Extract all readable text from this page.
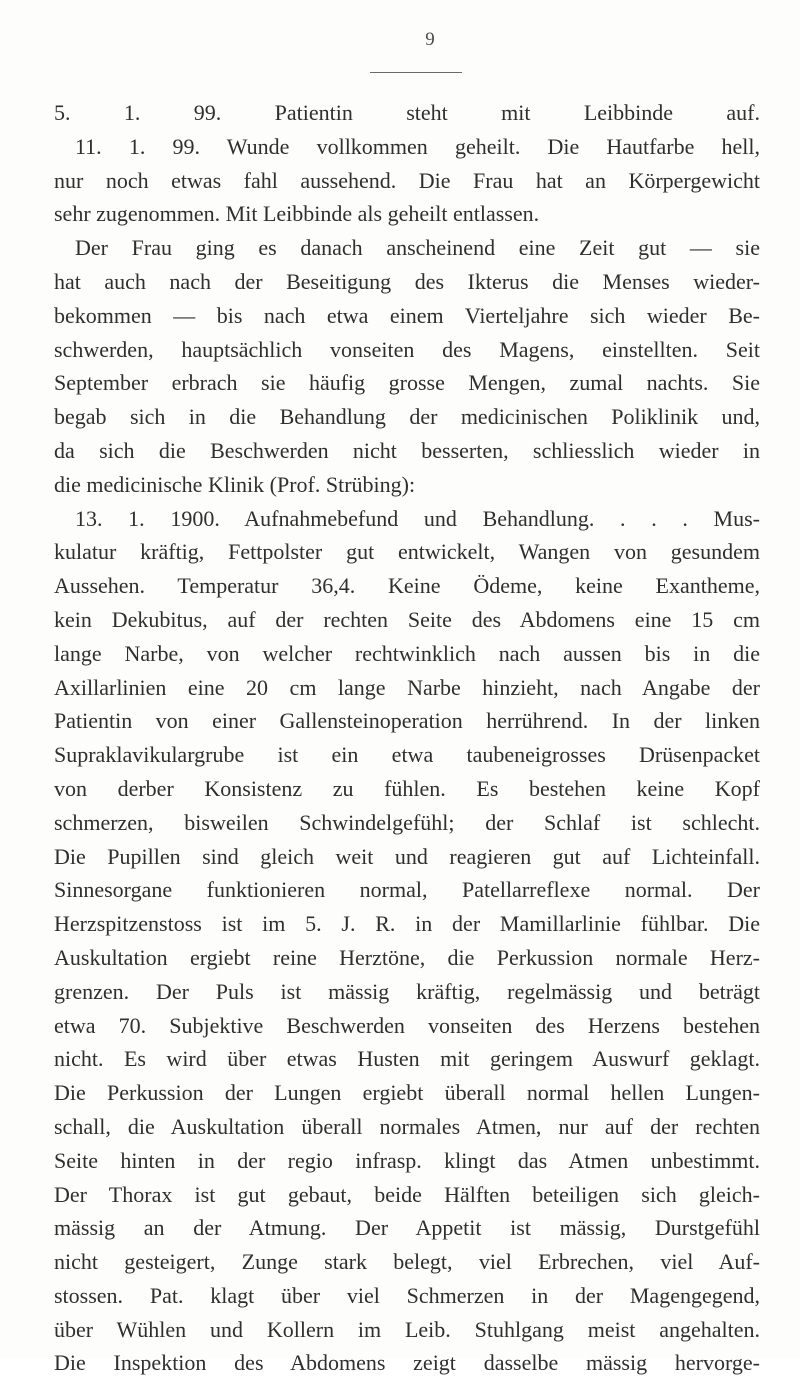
9
5. 1. 99. Patientin steht mit Leibbinde auf.
11. 1. 99. Wunde vollkommen geheilt. Die Hautfarbe hell,
nur noch etwas fahl aussehend. Die Frau hat an Körpergewicht
sehr zugenommen. Mit Leibbinde als geheilt entlassen.
Der Frau ging es danach anscheinend eine Zeit gut — sie
hat auch nach der Beseitigung des Ikterus die Menses wieder-
bekommen — bis nach etwa einem Vierteljahre sich wieder Be-
schwerden, hauptsächlich vonseiten des Magens, einstellten. Seit
September erbrach sie häufig grosse Mengen, zumal nachts. Sie
begab sich in die Behandlung der medicinischen Poliklinik und,
da sich die Beschwerden nicht besserten, schliesslich wieder in
die medicinische Klinik (Prof. Strübing):
13. 1. 1900. Aufnahmebefund und Behandlung. . . . Mus-
kulatur kräftig, Fettpolster gut entwickelt, Wangen von gesundem
Aussehen. Temperatur 36,4. Keine Ödeme, keine Exantheme,
kein Dekubitus, auf der rechten Seite des Abdomens eine 15 cm
lange Narbe, von welcher rechtwinklich nach aussen bis in die
Axillarlinien eine 20 cm lange Narbe hinzieht, nach Angabe der
Patientin von einer Gallensteinoperation herrührend. In der linken
Supraklavikulargrube ist ein etwa taubeneigrosses Drüsenpacket
von derber Konsistenz zu fühlen. Es bestehen keine Kopf
schmerzen, bisweilen Schwindelgefühl; der Schlaf ist schlecht.
Die Pupillen sind gleich weit und reagieren gut auf Lichteinfall.
Sinnesorgane funktionieren normal, Patellarreflexe normal. Der
Herzspitzenstoss ist im 5. J. R. in der Mamillarlinie fühlbar. Die
Auskultation ergiebt reine Herztöne, die Perkussion normale Herz-
grenzen. Der Puls ist mässig kräftig, regelmässig und beträgt
etwa 70. Subjektive Beschwerden vonseiten des Herzens bestehen
nicht. Es wird über etwas Husten mit geringem Auswurf geklagt.
Die Perkussion der Lungen ergiebt überall normal hellen Lungen-
schall, die Auskultation überall normales Atmen, nur auf der rechten
Seite hinten in der regio infrasp. klingt das Atmen unbestimmt.
Der Thorax ist gut gebaut, beide Hälften beteiligen sich gleich-
mässig an der Atmung. Der Appetit ist mässig, Durstgefühl
nicht gesteigert, Zunge stark belegt, viel Erbrechen, viel Auf-
stossen. Pat. klagt über viel Schmerzen in der Magengegend,
über Wühlen und Kollern im Leib. Stuhlgang meist angehalten.
Die Inspektion des Abdomens zeigt dasselbe mässig hervorge-
